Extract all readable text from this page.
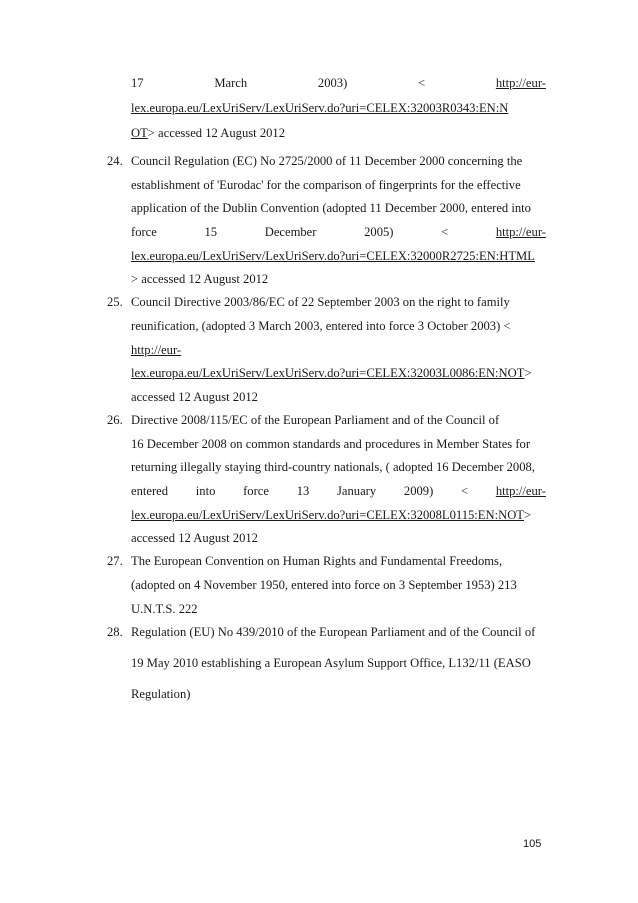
17	March	2003)	<	http://eur-
lex.europa.eu/LexUriServ/LexUriServ.do?uri=CELEX:32003R0343:EN:N
OT> accessed 12 August 2012
24. Council Regulation (EC) No 2725/2000 of 11 December 2000 concerning the
establishment of 'Eurodac' for the comparison of fingerprints for the effective
application of the Dublin Convention (adopted 11 December 2000, entered into
force	15	December	2005)	<	http://eur-
lex.europa.eu/LexUriServ/LexUriServ.do?uri=CELEX:32000R2725:EN:HTML
> accessed 12 August 2012
25. Council Directive 2003/86/EC of 22 September 2003 on the right to family
reunification, (adopted 3 March 2003, entered into force 3 October 2003) <
http://eur-
lex.europa.eu/LexUriServ/LexUriServ.do?uri=CELEX:32003L0086:EN:NOT>
accessed 12 August 2012
26. Directive 2008/115/EC of the European Parliament and of the Council of
16 December 2008 on common standards and procedures in Member States for
returning illegally staying third-country nationals, ( adopted 16 December 2008,
entered into force 13 January 2009) < http://eur-
lex.europa.eu/LexUriServ/LexUriServ.do?uri=CELEX:32008L0115:EN:NOT>
accessed 12 August 2012
27. The European Convention on Human Rights and Fundamental Freedoms,
(adopted on 4 November 1950, entered into force on 3 September 1953) 213
U.N.T.S. 222
28. Regulation (EU) No 439/2010 of the European Parliament and of the Council of
19 May 2010 establishing a European Asylum Support Office, L132/11 (EASO
Regulation)
105
